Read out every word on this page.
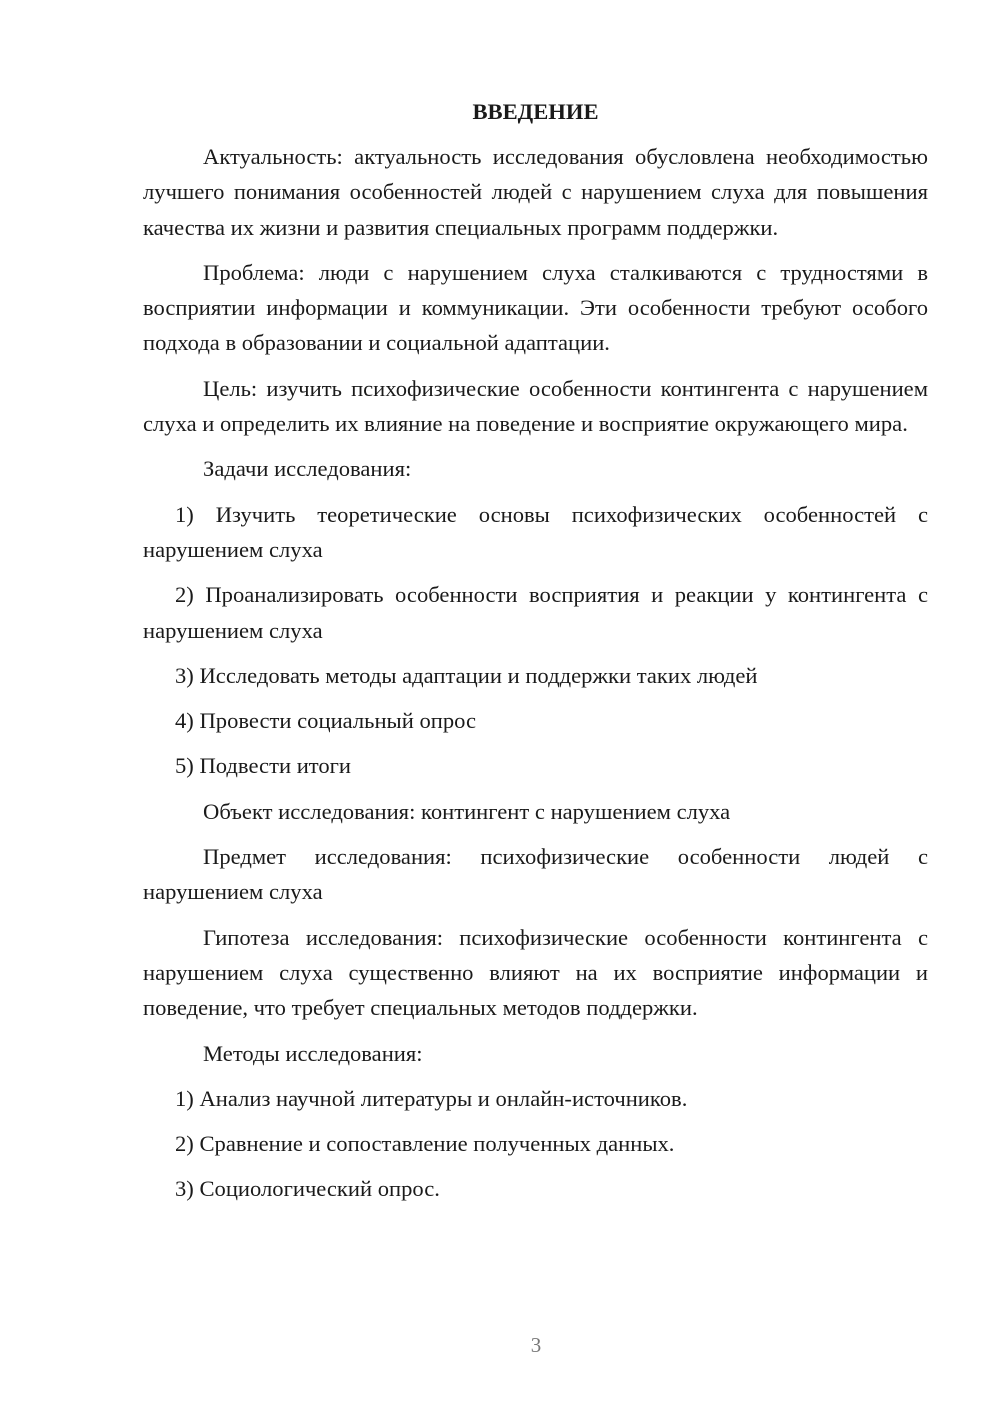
ВВЕДЕНИЕ

Актуальность: актуальность исследования обусловлена необходимостью лучшего понимания особенностей людей с нарушением слуха для повышения качества их жизни и развития специальных программ поддержки.

Проблема: люди с нарушением слуха сталкиваются с трудностями в восприятии информации и коммуникации. Эти особенности требуют особого подхода в образовании и социальной адаптации.

Цель: изучить психофизические особенности контингента с нарушением слуха и определить их влияние на поведение и восприятие окружающего мира.

Задачи исследования:

1) Изучить теоретические основы психофизических особенностей с нарушением слуха

2) Проанализировать особенности восприятия и реакции у контингента с нарушением слуха

3) Исследовать методы адаптации и поддержки таких людей

4) Провести социальный опрос

5) Подвести итоги

Объект исследования: контингент с нарушением слуха

Предмет исследования: психофизические особенности людей с нарушением слуха

Гипотеза исследования: психофизические особенности контингента с нарушением слуха существенно влияют на их восприятие информации и поведение, что требует специальных методов поддержки.

Методы исследования:

1) Анализ научной литературы и онлайн-источников.

2) Сравнение и сопоставление полученных данных.

3) Социологический опрос.

3
